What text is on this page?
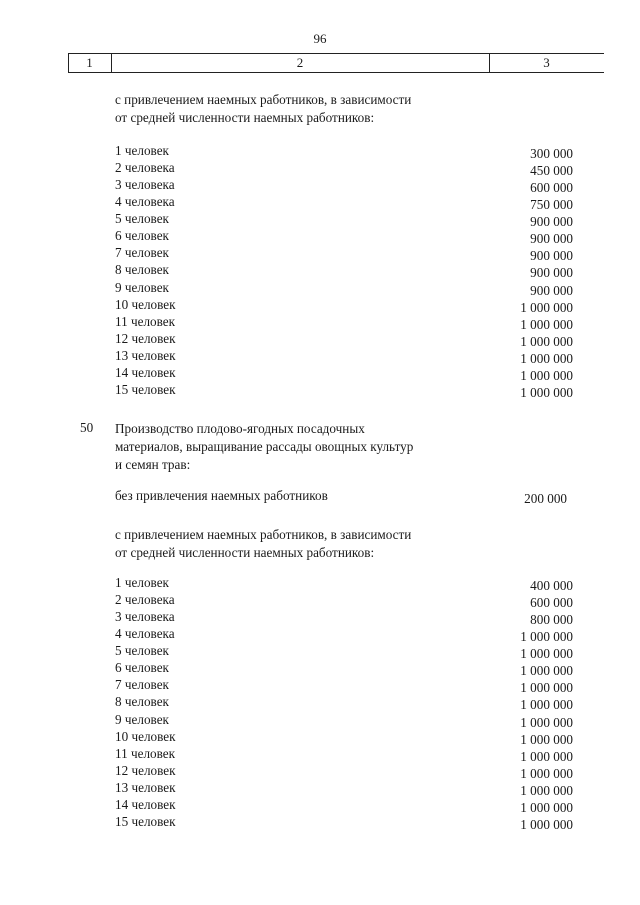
96
1	2	3
с привлечением наемных работников, в зависимости
от средней численности наемных работников:
1 человек	300 000
2 человека	450 000
3 человека	600 000
4 человека	750 000
5 человек	900 000
6 человек	900 000
7 человек	900 000
8 человек	900 000
9 человек	900 000
10 человек	1 000 000
11 человек	1 000 000
12 человек	1 000 000
13 человек	1 000 000
14 человек	1 000 000
15 человек	1 000 000
50 Производство плодово-ягодных посадочных
материалов, выращивание рассады овощных культур
и семян трав:
без привлечения наемных работников	200 000
с привлечением наемных работников, в зависимости
от средней численности наемных работников:
1 человек	400 000
2 человека	600 000
3 человека	800 000
4 человека	1 000 000
5 человек	1 000 000
6 человек	1 000 000
7 человек	1 000 000
8 человек	1 000 000
9 человек	1 000 000
10 человек	1 000 000
11 человек	1 000 000
12 человек	1 000 000
13 человек	1 000 000
14 человек	1 000 000
15 человек	1 000 000
